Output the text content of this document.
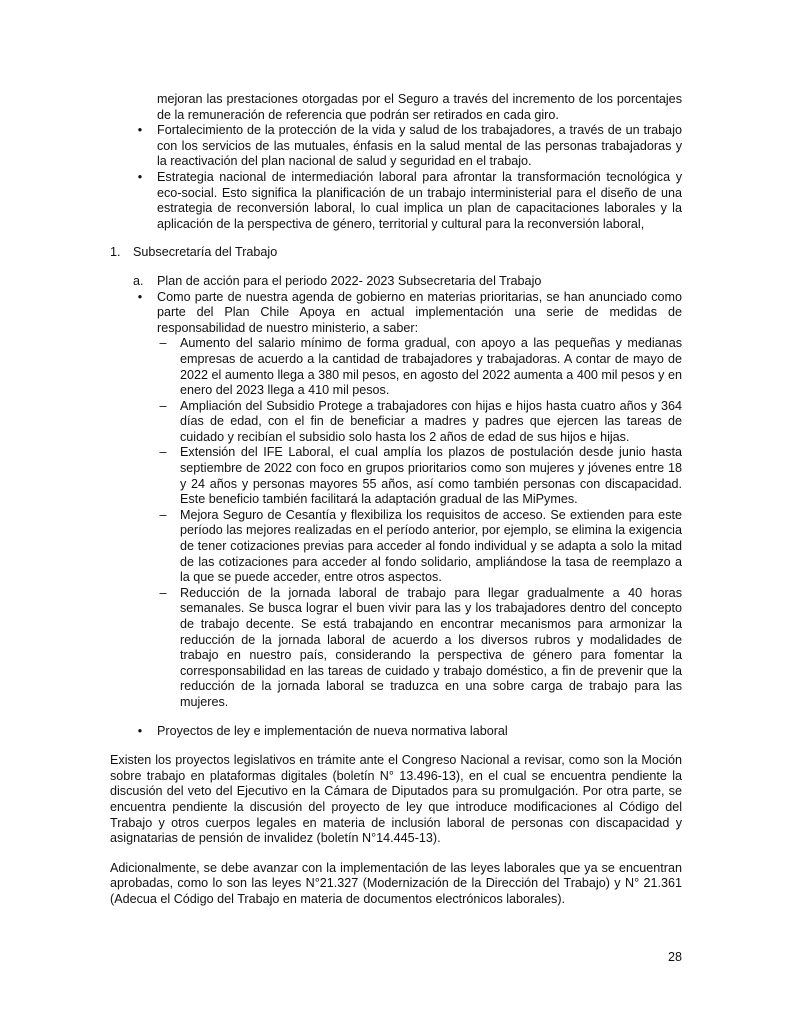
mejoran las prestaciones otorgadas por el Seguro a través del incremento de los porcentajes de la remuneración de referencia que podrán ser retirados en cada giro.

•	Fortalecimiento de la protección de la vida y salud de los trabajadores, a través de un trabajo con los servicios de las mutuales, énfasis en la salud mental de las personas trabajadoras y la reactivación del plan nacional de salud y seguridad en el trabajo.

•	Estrategia nacional de intermediación laboral para afrontar la transformación tecnológica y eco-social. Esto significa la planificación de un trabajo interministerial para el diseño de una estrategia de reconversión laboral, lo cual implica un plan de capacitaciones laborales y la aplicación de la perspectiva de género, territorial y cultural para la reconversión laboral,

1. Subsecretaría del Trabajo
a. Plan de acción para el periodo 2022- 2023 Subsecretaria del Trabajo
•	Como parte de nuestra agenda de gobierno en materias prioritarias, se han anunciado como parte del Plan Chile Apoya en actual implementación una serie de medidas de responsabilidad de nuestro ministerio, a saber:

– Aumento del salario mínimo de forma gradual, con apoyo a las pequeñas y medianas empresas de acuerdo a la cantidad de trabajadores y trabajadoras. A contar de mayo de 2022 el aumento llega a 380 mil pesos, en agosto del 2022 aumenta a 400 mil pesos y en enero del 2023 llega a 410 mil pesos.

– Ampliación del Subsidio Protege a trabajadores con hijas e hijos hasta cuatro años y 364 días de edad, con el fin de beneficiar a madres y padres que ejercen las tareas de cuidado y recibían el subsidio solo hasta los 2 años de edad de sus hijos e hijas.

– Extensión del IFE Laboral, el cual amplía los plazos de postulación desde junio hasta septiembre de 2022 con foco en grupos prioritarios como son mujeres y jóvenes entre 18 y 24 años y personas mayores 55 años, así como también personas con discapacidad. Este beneficio también facilitará la adaptación gradual de las MiPymes.

– Mejora Seguro de Cesantía y flexibiliza los requisitos de acceso. Se extienden para este período las mejores realizadas en el período anterior, por ejemplo, se elimina la exigencia de tener cotizaciones previas para acceder al fondo individual y se adapta a solo la mitad de las cotizaciones para acceder al fondo solidario, ampliándose la tasa de reemplazo a la que se puede acceder, entre otros aspectos.

– Reducción de la jornada laboral de trabajo para llegar gradualmente a 40 horas semanales. Se busca lograr el buen vivir para las y los trabajadores dentro del concepto de trabajo decente. Se está trabajando en encontrar mecanismos para armonizar la reducción de la jornada laboral de acuerdo a los diversos rubros y modalidades de trabajo en nuestro país, considerando la perspectiva de género para fomentar la corresponsabilidad en las tareas de cuidado y trabajo doméstico, a fin de prevenir que la reducción de la jornada laboral se traduzca en una sobre carga de trabajo para las mujeres.

•	Proyectos de ley e implementación de nueva normativa laboral

Existen los proyectos legislativos en trámite ante el Congreso Nacional a revisar, como son la Moción sobre trabajo en plataformas digitales (boletín N° 13.496-13), en el cual se encuentra pendiente la discusión del veto del Ejecutivo en la Cámara de Diputados para su promulgación. Por otra parte, se encuentra pendiente la discusión del proyecto de ley que introduce modificaciones al Código del Trabajo y otros cuerpos legales en materia de inclusión laboral de personas con discapacidad y asignatarias de pensión de invalidez (boletín N°14.445-13).

Adicionalmente, se debe avanzar con la implementación de las leyes laborales que ya se encuentran aprobadas, como lo son las leyes N°21.327 (Modernización de la Dirección del Trabajo) y N° 21.361 (Adecua el Código del Trabajo en materia de documentos electrónicos laborales).

28
